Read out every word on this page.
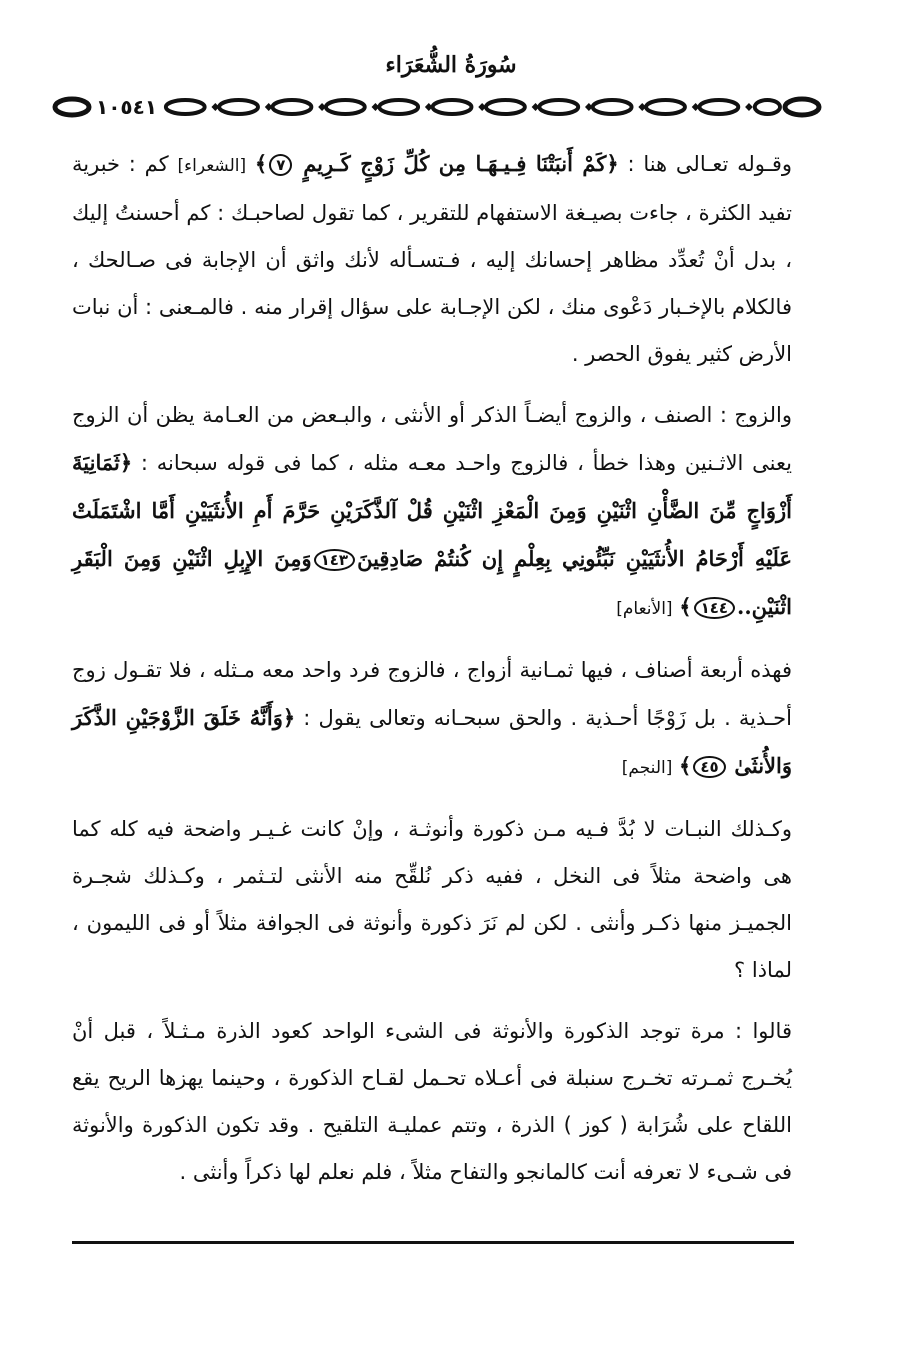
سُورَةُ الشُّعَرَاء
١٠٥٤١

وقـوله تعـالى هنا : ﴿كَمْ أَنبَتْنَا فِـيـهَـا مِن كُلِّ زَوْجٍ كَـرِيمٍ ٧﴾ [الشعراء] كم : خبرية تفيد الكثرة ، جاءت بصيـغة الاستفهام للتقرير ، كما تقول لصاحبـك : كم أحسنتُ إليك ، بدل أنْ تُعدِّد مظاهر إحسانك إليه ، فـتسـأله لأنك واثق أن الإجابة فى صـالحك ، فالكلام بالإخـبار دَعْوى منك ، لكن الإجـابة على سؤال إقرار منه . فالمـعنى : أن نبات الأرض كثير يفوق الحصر .

والزوج : الصنف ، والزوج أيضـاً الذكر أو الأنثى ، والبـعض من العـامة يظن أن الزوج يعنى الاثـنين وهذا خطأ ، فالزوج واحـد معـه مثله ، كما فى قوله سبحانه : ﴿ثَمَانِيَةَ أَزْوَاجٍ مِّنَ الضَّأْنِ اثْنَيْنِ وَمِنَ الْمَعْزِ اثْنَيْنِ قُلْ آلذَّكَرَيْنِ حَرَّمَ أَمِ الأُنثَيَيْنِ أَمَّا اشْتَمَلَتْ عَلَيْهِ أَرْحَامُ الأُنثَيَيْنِ نَبِّئُونِي بِعِلْمٍ إِن كُنتُمْ صَادِقِينَ١٤٣وَمِنَ الإِبِلِ اثْنَيْنِ وَمِنَ الْبَقَرِ اثْنَيْنِ..١٤٤﴾ [الأنعام]

فهذه أربعة أصناف ، فيها ثمـانية أزواج ، فالزوج فرد واحد معه مـثله ، فلا تقـول زوج أحـذية . بل زَوْجًا أحـذية . والحق سبحـانه وتعالى يقول : ﴿وَأَنَّهُ خَلَقَ الزَّوْجَيْنِ الذَّكَرَ وَالأُنثَىٰ ٤٥﴾ [النجم]

وكـذلك النبـات لا بُدَّ فـيه مـن ذكورة وأنوثـة ، وإنْ كانت غـيـر واضحة فيه كله كما هى واضحة مثلاً فى النخل ، ففيه ذكر نُلقِّح منه الأنثى لتـثمر ، وكـذلك شجـرة الجميـز منها ذكـر وأنثى . لكن لم نَرَ ذكورة وأنوثة فى الجوافة مثلاً أو فى الليمون ، لماذا ؟

قالوا : مرة توجد الذكورة والأنوثة فى الشىء الواحد كعود الذرة مـثـلاً ، قبل أنْ يُخـرج ثمـرته تخـرج سنبلة فى أعـلاه تحـمل لقـاح الذكورة ، وحينما يهزها الريح يقع اللقاح على شُرَابة ( كوز ) الذرة ، وتتم عمليـة التلقيح . وقد تكون الذكورة والأنوثة فى شـىء لا تعرفه أنت كالمانجو والتفاح مثلاً ، فلم نعلم لها ذكراً وأنثى .
